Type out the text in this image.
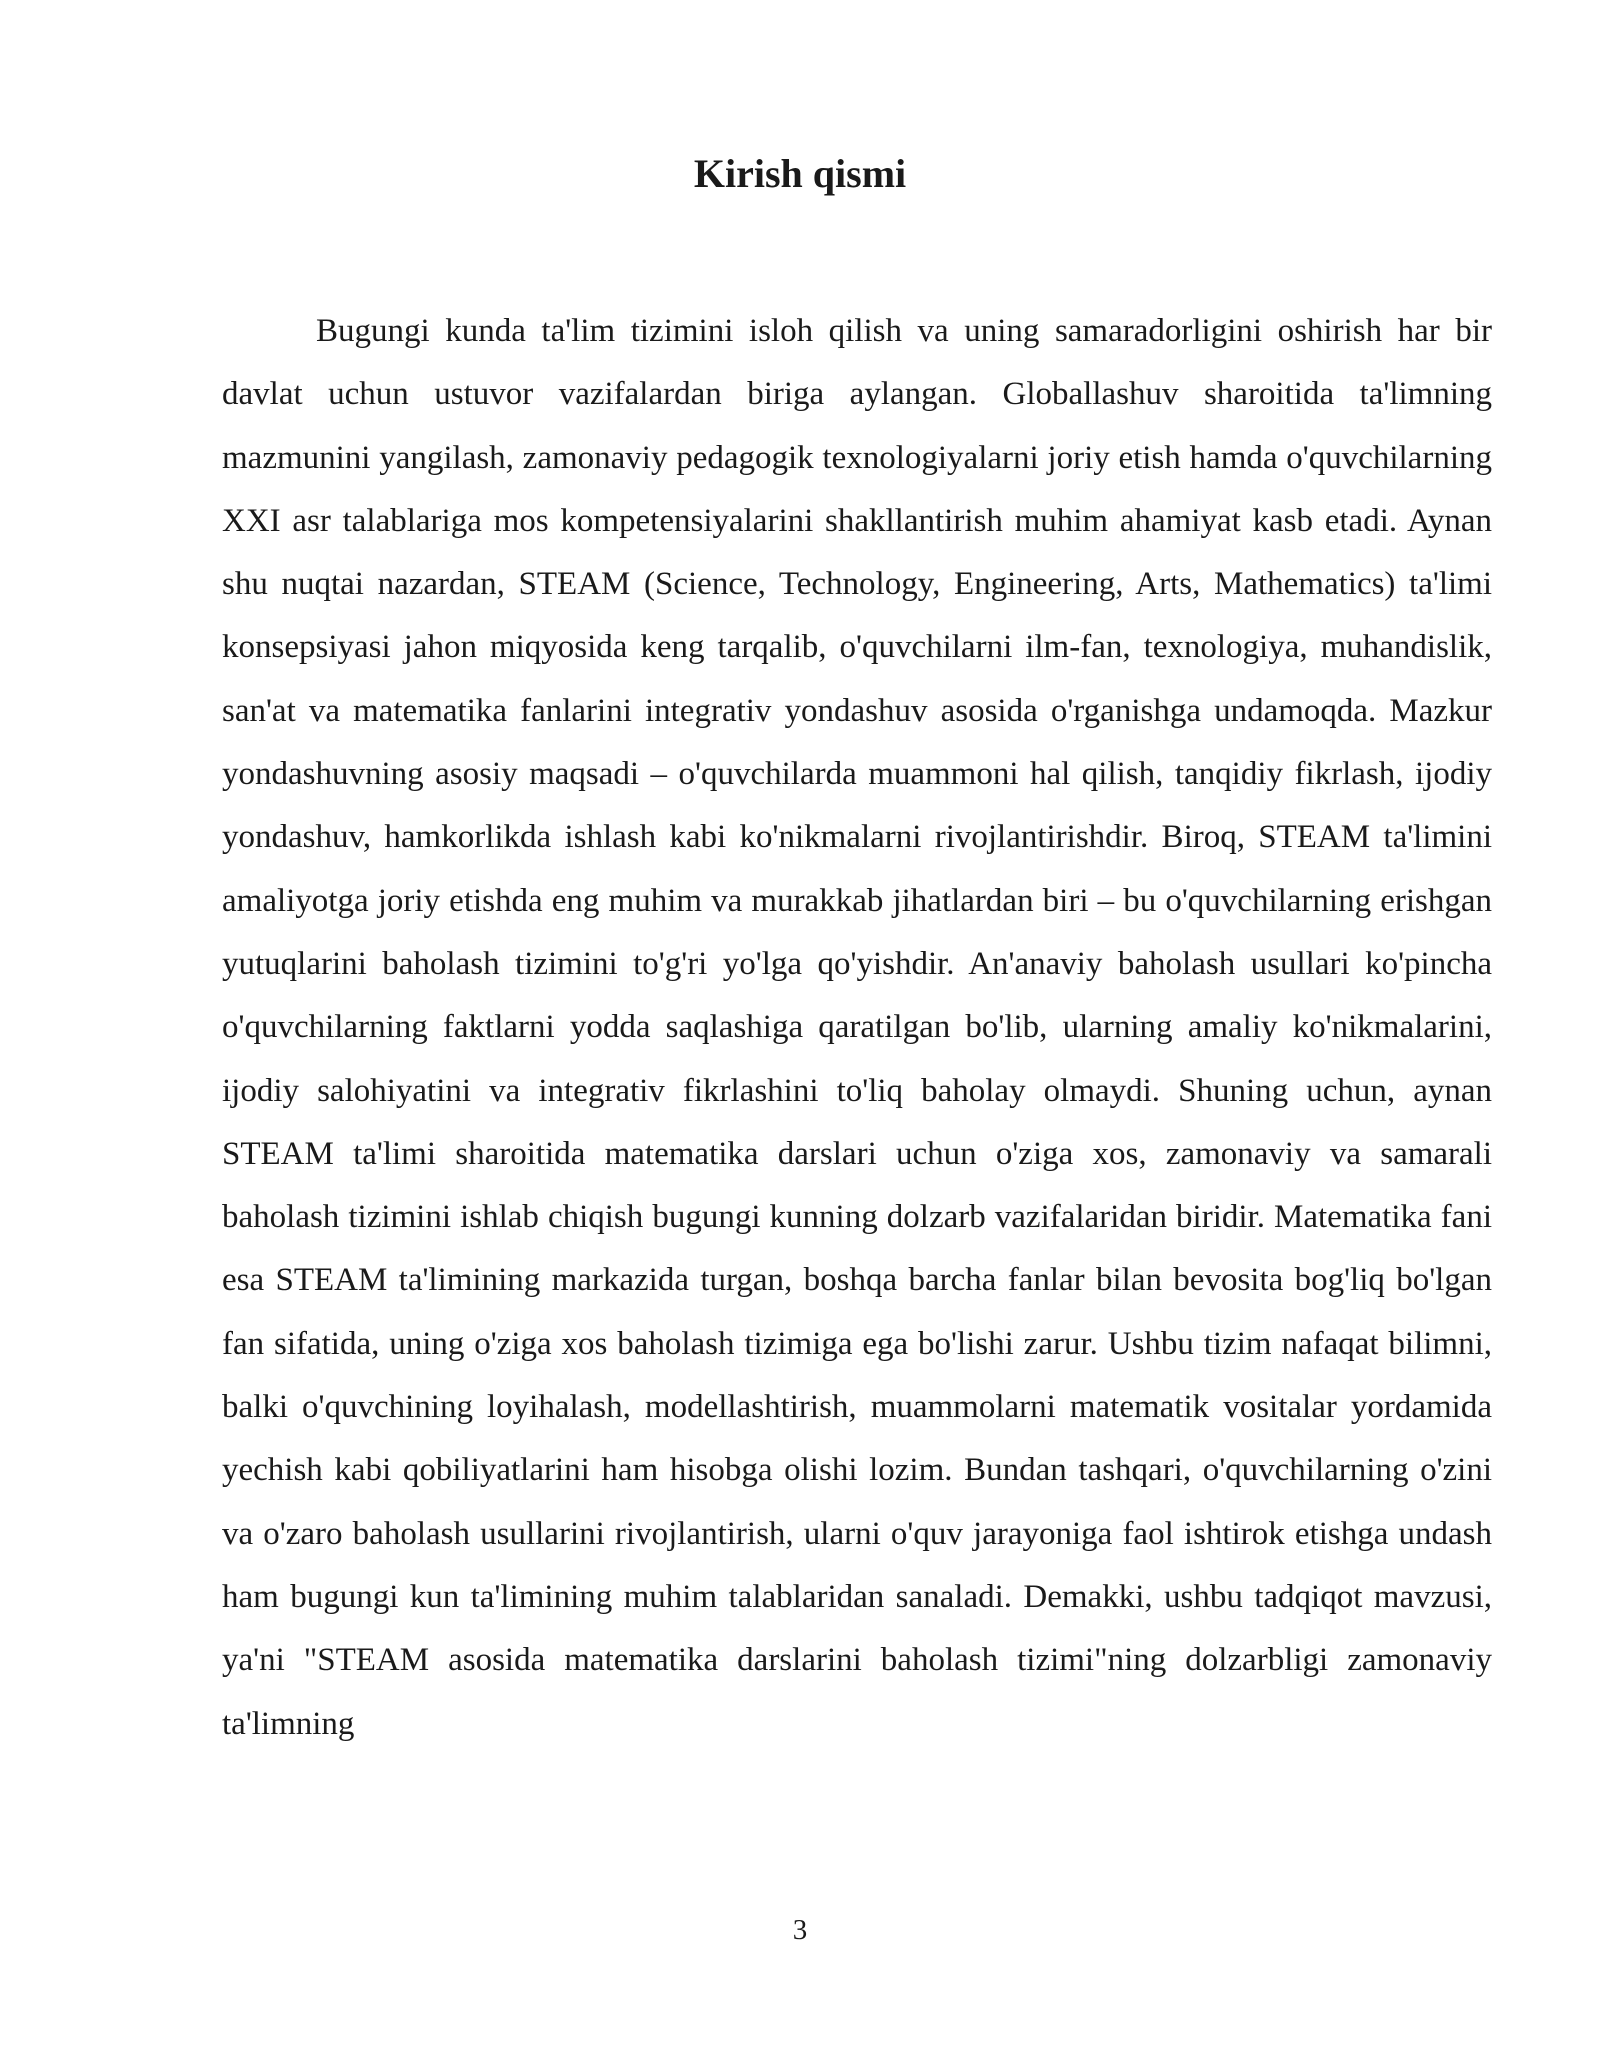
Kirish qismi

Bugungi kunda ta'lim tizimini isloh qilish va uning samaradorligini oshirish har bir davlat uchun ustuvor vazifalardan biriga aylangan. Globallashuv sharoitida ta'limning mazmunini yangilash, zamonaviy pedagogik texnologiyalarni joriy etish hamda o'quvchilarning XXI asr talablariga mos kompetensiyalarini shakllantirish muhim ahamiyat kasb etadi. Aynan shu nuqtai nazardan, STEAM (Science, Technology, Engineering, Arts, Mathematics) ta'limi konsepsiyasi jahon miqyosida keng tarqalib, o'quvchilarni ilm-fan, texnologiya, muhandislik, san'at va matematika fanlarini integrativ yondashuv asosida o'rganishga undamoqda. Mazkur yondashuvning asosiy maqsadi – o'quvchilarda muammoni hal qilish, tanqidiy fikrlash, ijodiy yondashuv, hamkorlikda ishlash kabi ko'nikmalarni rivojlantirishdir. Biroq, STEAM ta'limini amaliyotga joriy etishda eng muhim va murakkab jihatlardan biri – bu o'quvchilarning erishgan yutuqlarini baholash tizimini to'g'ri yo'lga qo'yishdir. An'anaviy baholash usullari ko'pincha o'quvchilarning faktlarni yodda saqlashiga qaratilgan bo'lib, ularning amaliy ko'nikmalarini, ijodiy salohiyatini va integrativ fikrlashini to'liq baholay olmaydi. Shuning uchun, aynan STEAM ta'limi sharoitida matematika darslari uchun o'ziga xos, zamonaviy va samarali baholash tizimini ishlab chiqish bugungi kunning dolzarb vazifalaridan biridir. Matematika fani esa STEAM ta'limining markazida turgan, boshqa barcha fanlar bilan bevosita bog'liq bo'lgan fan sifatida, uning o'ziga xos baholash tizimiga ega bo'lishi zarur. Ushbu tizim nafaqat bilimni, balki o'quvchining loyihalash, modellashtirish, muammolarni matematik vositalar yordamida yechish kabi qobiliyatlarini ham hisobga olishi lozim. Bundan tashqari, o'quvchilarning o'zini va o'zaro baholash usullarini rivojlantirish, ularni o'quv jarayoniga faol ishtirok etishga undash ham bugungi kun ta'limining muhim talablaridan sanaladi. Demakki, ushbu tadqiqot mavzusi, ya'ni "STEAM asosida matematika darslarini baholash tizimi"ning dolzarbligi zamonaviy ta'limning

3
